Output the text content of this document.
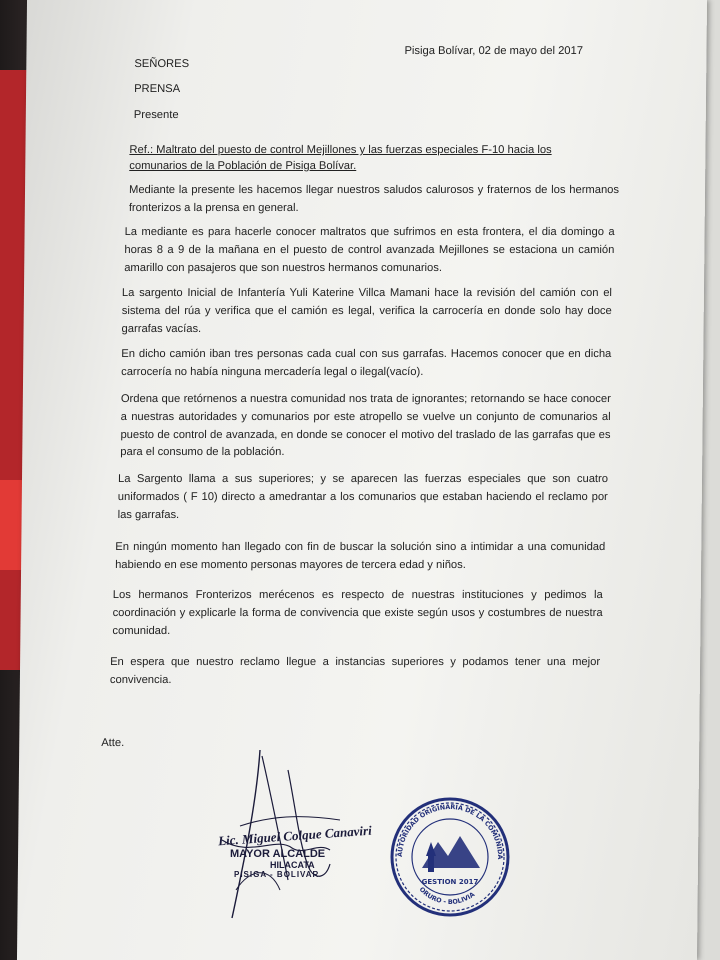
Pisiga Bolívar, 02 de mayo del 2017
SEÑORES
PRENSA
Presente
Ref.: Maltrato del puesto de control Mejillones y las fuerzas especiales F-10 hacia los
comunarios de la Población de Pisiga Bolívar.
Mediante la presente les hacemos llegar nuestros saludos calurosos y fraternos de los hermanos fronterizos a la prensa en general.
La mediante es para hacerle conocer maltratos que sufrimos en esta frontera, el dia domingo a horas 8 a 9 de la mañana en el puesto de control avanzada Mejillones se estaciona un camión amarillo con pasajeros que son nuestros hermanos comunarios.
La sargento Inicial de Infantería Yuli Katerine Villca Mamani hace la revisión del camión con el sistema del rúa y verifica que el camión es legal, verifica la carrocería en donde solo hay doce garrafas vacías.
En dicho camión iban tres personas cada cual con sus garrafas. Hacemos conocer que en dicha carrocería no había ninguna mercadería legal o ilegal(vacío).
Ordena que retórnenos a nuestra comunidad nos trata de ignorantes; retornando se hace conocer a nuestras autoridades y comunarios por este atropello se vuelve un conjunto de comunarios al puesto de control de avanzada, en donde se conocer el motivo del traslado de las garrafas que es para el consumo de la población.
La Sargento llama a sus superiores; y se aparecen las fuerzas especiales que son cuatro uniformados ( F 10) directo a amedrantar a los comunarios que estaban haciendo el reclamo por las garrafas.
En ningún momento han llegado con fin de buscar la solución sino a intimidar a una comunidad habiendo en ese momento personas mayores de tercera edad y niños.
Los hermanos Fronterizos merécenos es respecto de nuestras instituciones y pedimos la coordinación y explicarle la forma de convivencia que existe según usos y costumbres de nuestra comunidad.
En espera que nuestro reclamo llegue a instancias superiores y podamos tener una mejor convivencia.
Atte.
Lic. Miguel Colque Canaviri
MAYOR ALCALDE
HILACATA
PISIGA - BOLIVAR
AUTORIDAD ORIGINARIA DE LA COMUNIDA
ORURO - BOLIVIA
GESTION 2017
